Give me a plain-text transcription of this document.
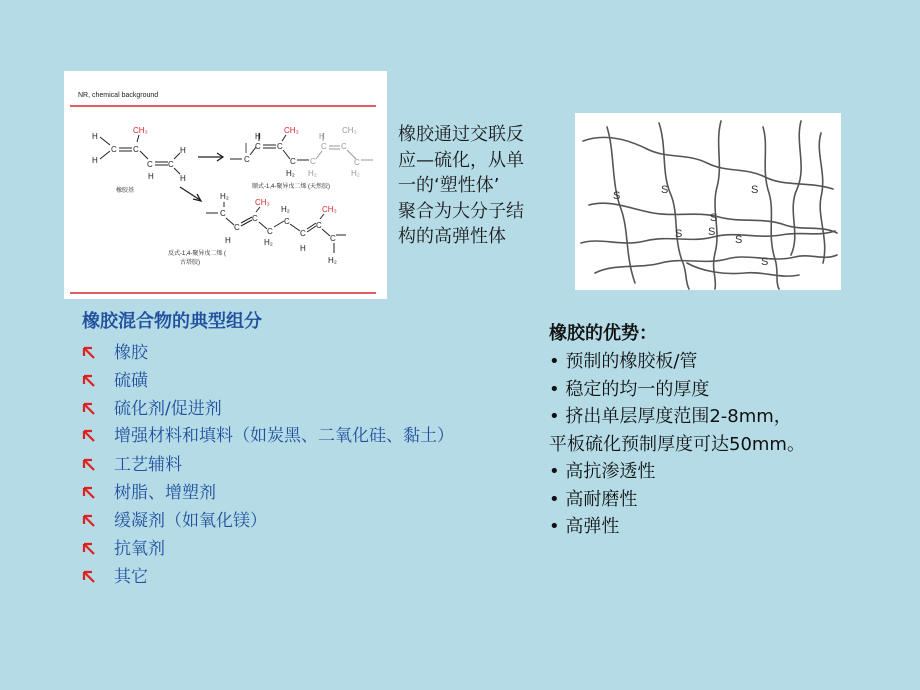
NR, chemical background
H
H
C C
CH₃
C C
H
H
H
橡胶基
C
H
C C
CH₃
C
H₂
C
H
C
CH₃
C
C
H₂	H₂
顺式-1,4-聚异戊二烯 (天然胶)
H₂
C
C
H
C
CH₃
C
H₂
C
H₂
C
H
C
CH₃
C
H₂
反式-1,4-聚异戊二烯 (
古塔胶)
橡胶通过交联反
应—硫化，从单
一的‘塑性体’
聚合为大分子结
构的高弹性体
S	S	S
S S
S
S
S
橡胶混合物的典型组分
橡胶
硫磺
硫化剂/促进剂
增强材料和填料（如炭黑、二氧化硅、黏土）
工艺辅料
树脂、增塑剂
缓凝剂（如氧化镁）
抗氧剂
其它
橡胶的优势：
• 预制的橡胶板/管
• 稳定的均一的厚度
• 挤出单层厚度范围2-8mm，
平板硫化预制厚度可达50mm。
• 高抗渗透性
• 高耐磨性
• 高弹性
